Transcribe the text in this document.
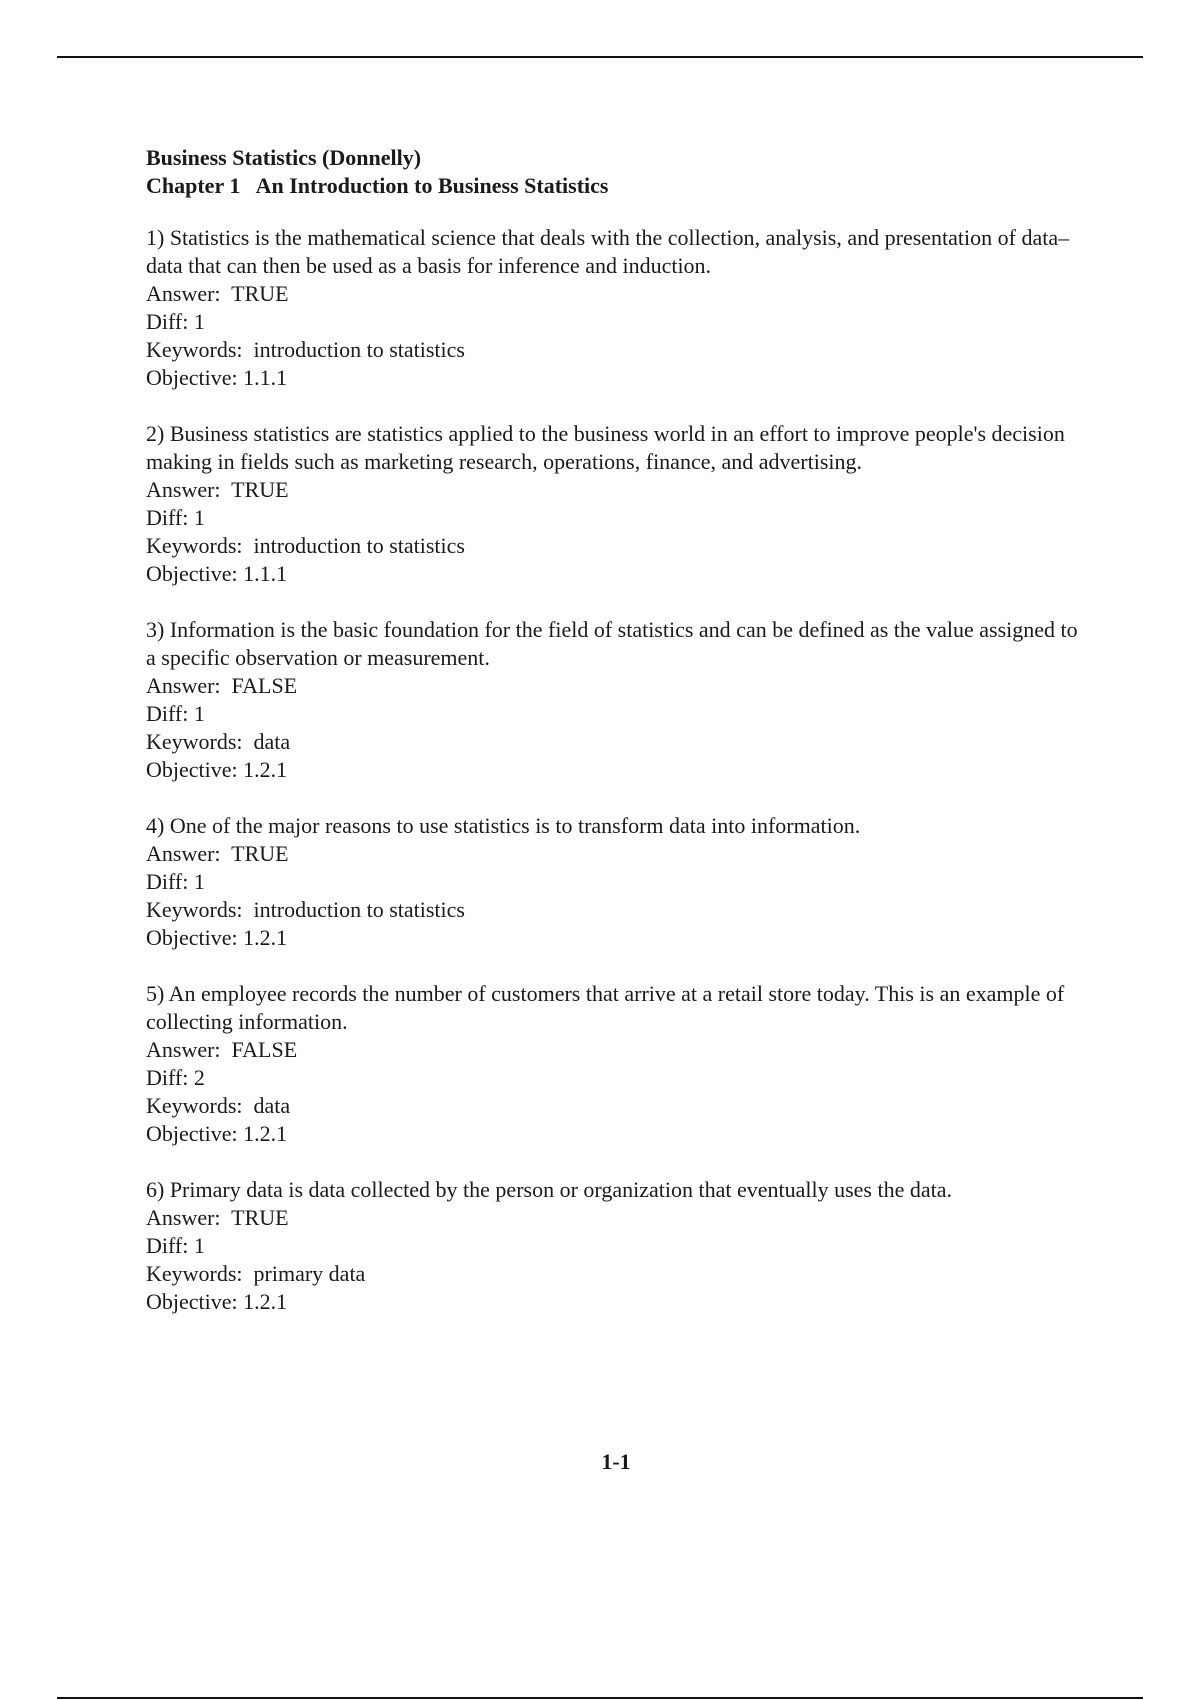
Business Statistics (Donnelly)
Chapter 1   An Introduction to Business Statistics
1) Statistics is the mathematical science that deals with the collection, analysis, and presentation of data–data that can then be used as a basis for inference and induction.
Answer:  TRUE
Diff: 1
Keywords:  introduction to statistics
Objective: 1.1.1
2) Business statistics are statistics applied to the business world in an effort to improve people's decision making in fields such as marketing research, operations, finance, and advertising.
Answer:  TRUE
Diff: 1
Keywords:  introduction to statistics
Objective: 1.1.1
3) Information is the basic foundation for the field of statistics and can be defined as the value assigned to a specific observation or measurement.
Answer:  FALSE
Diff: 1
Keywords:  data
Objective: 1.2.1
4) One of the major reasons to use statistics is to transform data into information.
Answer:  TRUE
Diff: 1
Keywords:  introduction to statistics
Objective: 1.2.1
5) An employee records the number of customers that arrive at a retail store today. This is an example of collecting information.
Answer:  FALSE
Diff: 2
Keywords:  data
Objective: 1.2.1
6) Primary data is data collected by the person or organization that eventually uses the data.
Answer:  TRUE
Diff: 1
Keywords:  primary data
Objective: 1.2.1
1-1
